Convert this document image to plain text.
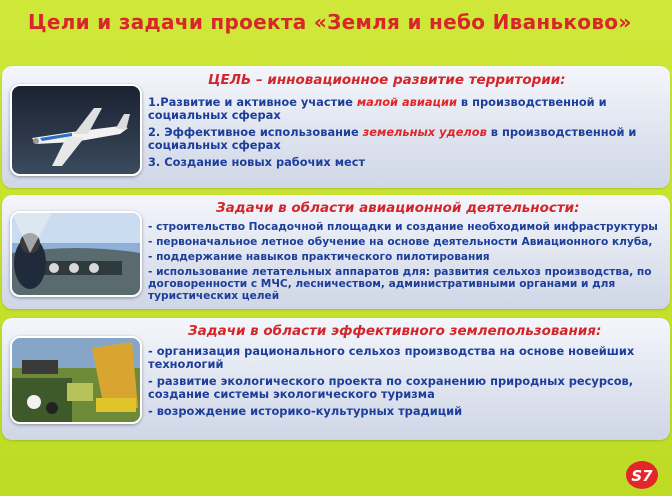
Цели и задачи проекта «Земля и небо Иваньково»
ЦЕЛЬ – инновационное развитие территории:
1.Развитие и активное участие малой авиации в производственной и
социальных сферах
2. Эффективное использование земельных уделов в производственной и
социальных сферах
3. Создание новых рабочих мест
Задачи в области авиационной деятельности:
- строительство Посадочной площадки и создание необходимой инфраструктуры
- первоначальное летное обучение на основе деятельности Авиационного клуба,
- поддержание навыков практического пилотирования
- использование летательных аппаратов для: развития сельхоз производства, по
договоренности с МЧС, лесничеством, административными органами и для
туристических целей
Задачи в области эффективного землепользования:
- организация рационального сельхоз производства на основе новейших
технологий
- развитие экологического проекта по сохранению природных ресурсов,
создание системы экологического туризма
- возрождение историко-культурных традиций
S7
